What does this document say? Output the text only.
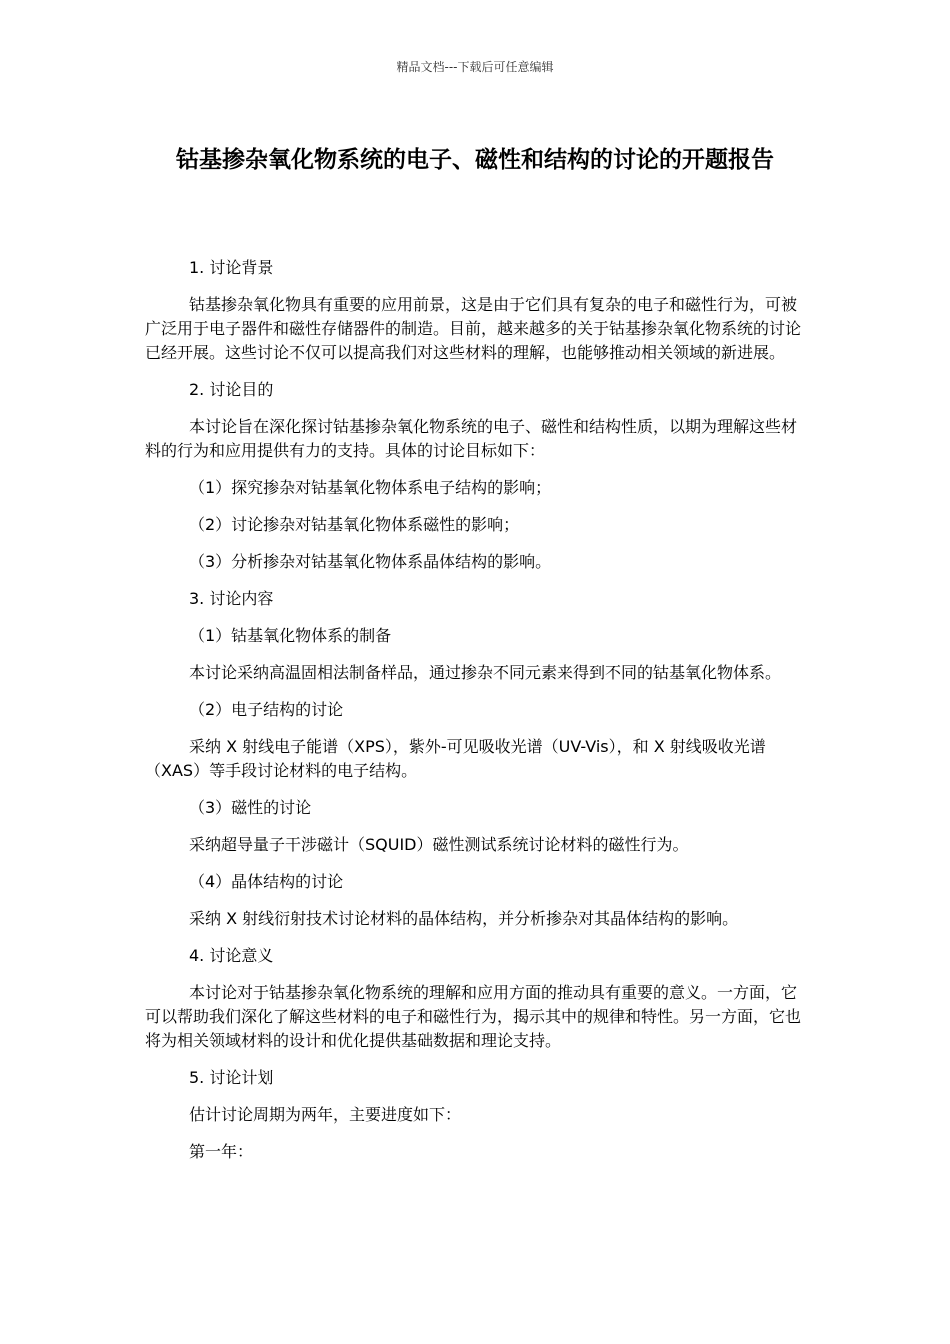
精品文档---下载后可任意编辑
钴基掺杂氧化物系统的电子、磁性和结构的讨论的开题报告

1. 讨论背景

钴基掺杂氧化物具有重要的应用前景，这是由于它们具有复杂的电子和磁性行为，可被广泛用于电子器件和磁性存储器件的制造。目前，越来越多的关于钴基掺杂氧化物系统的讨论已经开展。这些讨论不仅可以提高我们对这些材料的理解，也能够推动相关领域的新进展。

2. 讨论目的

本讨论旨在深化探讨钴基掺杂氧化物系统的电子、磁性和结构性质，以期为理解这些材料的行为和应用提供有力的支持。具体的讨论目标如下：

（1）探究掺杂对钴基氧化物体系电子结构的影响；

（2）讨论掺杂对钴基氧化物体系磁性的影响；

（3）分析掺杂对钴基氧化物体系晶体结构的影响。

3. 讨论内容

（1）钴基氧化物体系的制备

本讨论采纳高温固相法制备样品，通过掺杂不同元素来得到不同的钴基氧化物体系。

（2）电子结构的讨论

采纳 X 射线电子能谱（XPS），紫外-可见吸收光谱（UV-Vis），和 X 射线吸收光谱（XAS）等手段讨论材料的电子结构。

（3）磁性的讨论

采纳超导量子干涉磁计（SQUID）磁性测试系统讨论材料的磁性行为。

（4）晶体结构的讨论

采纳 X 射线衍射技术讨论材料的晶体结构，并分析掺杂对其晶体结构的影响。

4. 讨论意义

本讨论对于钴基掺杂氧化物系统的理解和应用方面的推动具有重要的意义。一方面，它可以帮助我们深化了解这些材料的电子和磁性行为，揭示其中的规律和特性。另一方面，它也将为相关领域材料的设计和优化提供基础数据和理论支持。

5. 讨论计划

估计讨论周期为两年，主要进度如下：

第一年：
